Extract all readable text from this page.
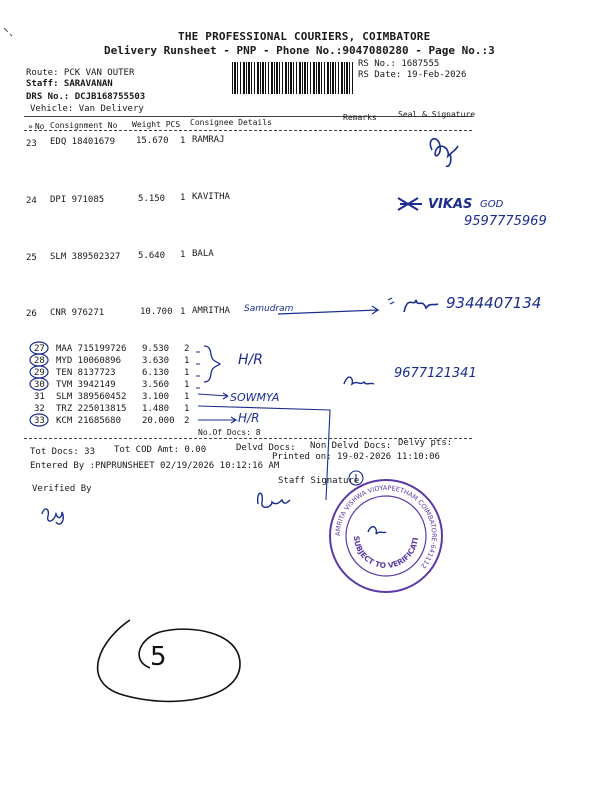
THE PROFESSIONAL COURIERS, COIMBATORE
Delivery Runsheet - PNP - Phone No.:9047080280 - Page No.:3
Route: PCK VAN OUTER
Staff: SARAVANAN
DRS No.: DCJB168755503
Vehicle: Van Delivery
RS No.: 1687555
RS Date: 19-Feb-2026
» No Consignment No Weight PCS Consignee Details
Remarks	Seal & Signature
23 EDQ 18401679 15.670 1 RAMRAJ
24 DPI 971085	5.150 1 KAVITHA
25 SLM 389502327 5.640 1 BALA
26 CNR 976271	10.700 1 AMRITHA
27 MAA 715199726 9.530 2
28 MYD 10060896 3.630 1
29 TEN 8137723	6.130 1
30 TVM 3942149	3.560 1
31 SLM 389560452 3.100 1
32 TRZ 225013815 1.480 1
33 KCM 21685680 20.000 2
No.Of Docs: 8
Tot Docs: 33 Tot COD Amt: 0.00	Delvd Docs: Non Delvd Docs: Delvy pts:
Entered By :PNPRUNSHEET 02/19/2026 10:12:16 AM
Printed on: 19-02-2026 11:10:06
Staff Signature
Verified By
VIKAS GOD
9597775969
Samudram	9344407134
H/R
SOWMYA
H/R
9677121341
5
AMRITA VISHWA VIDYAPEETHAM COIMBATORE-641112
SUBJECT TO VERIFICATI
